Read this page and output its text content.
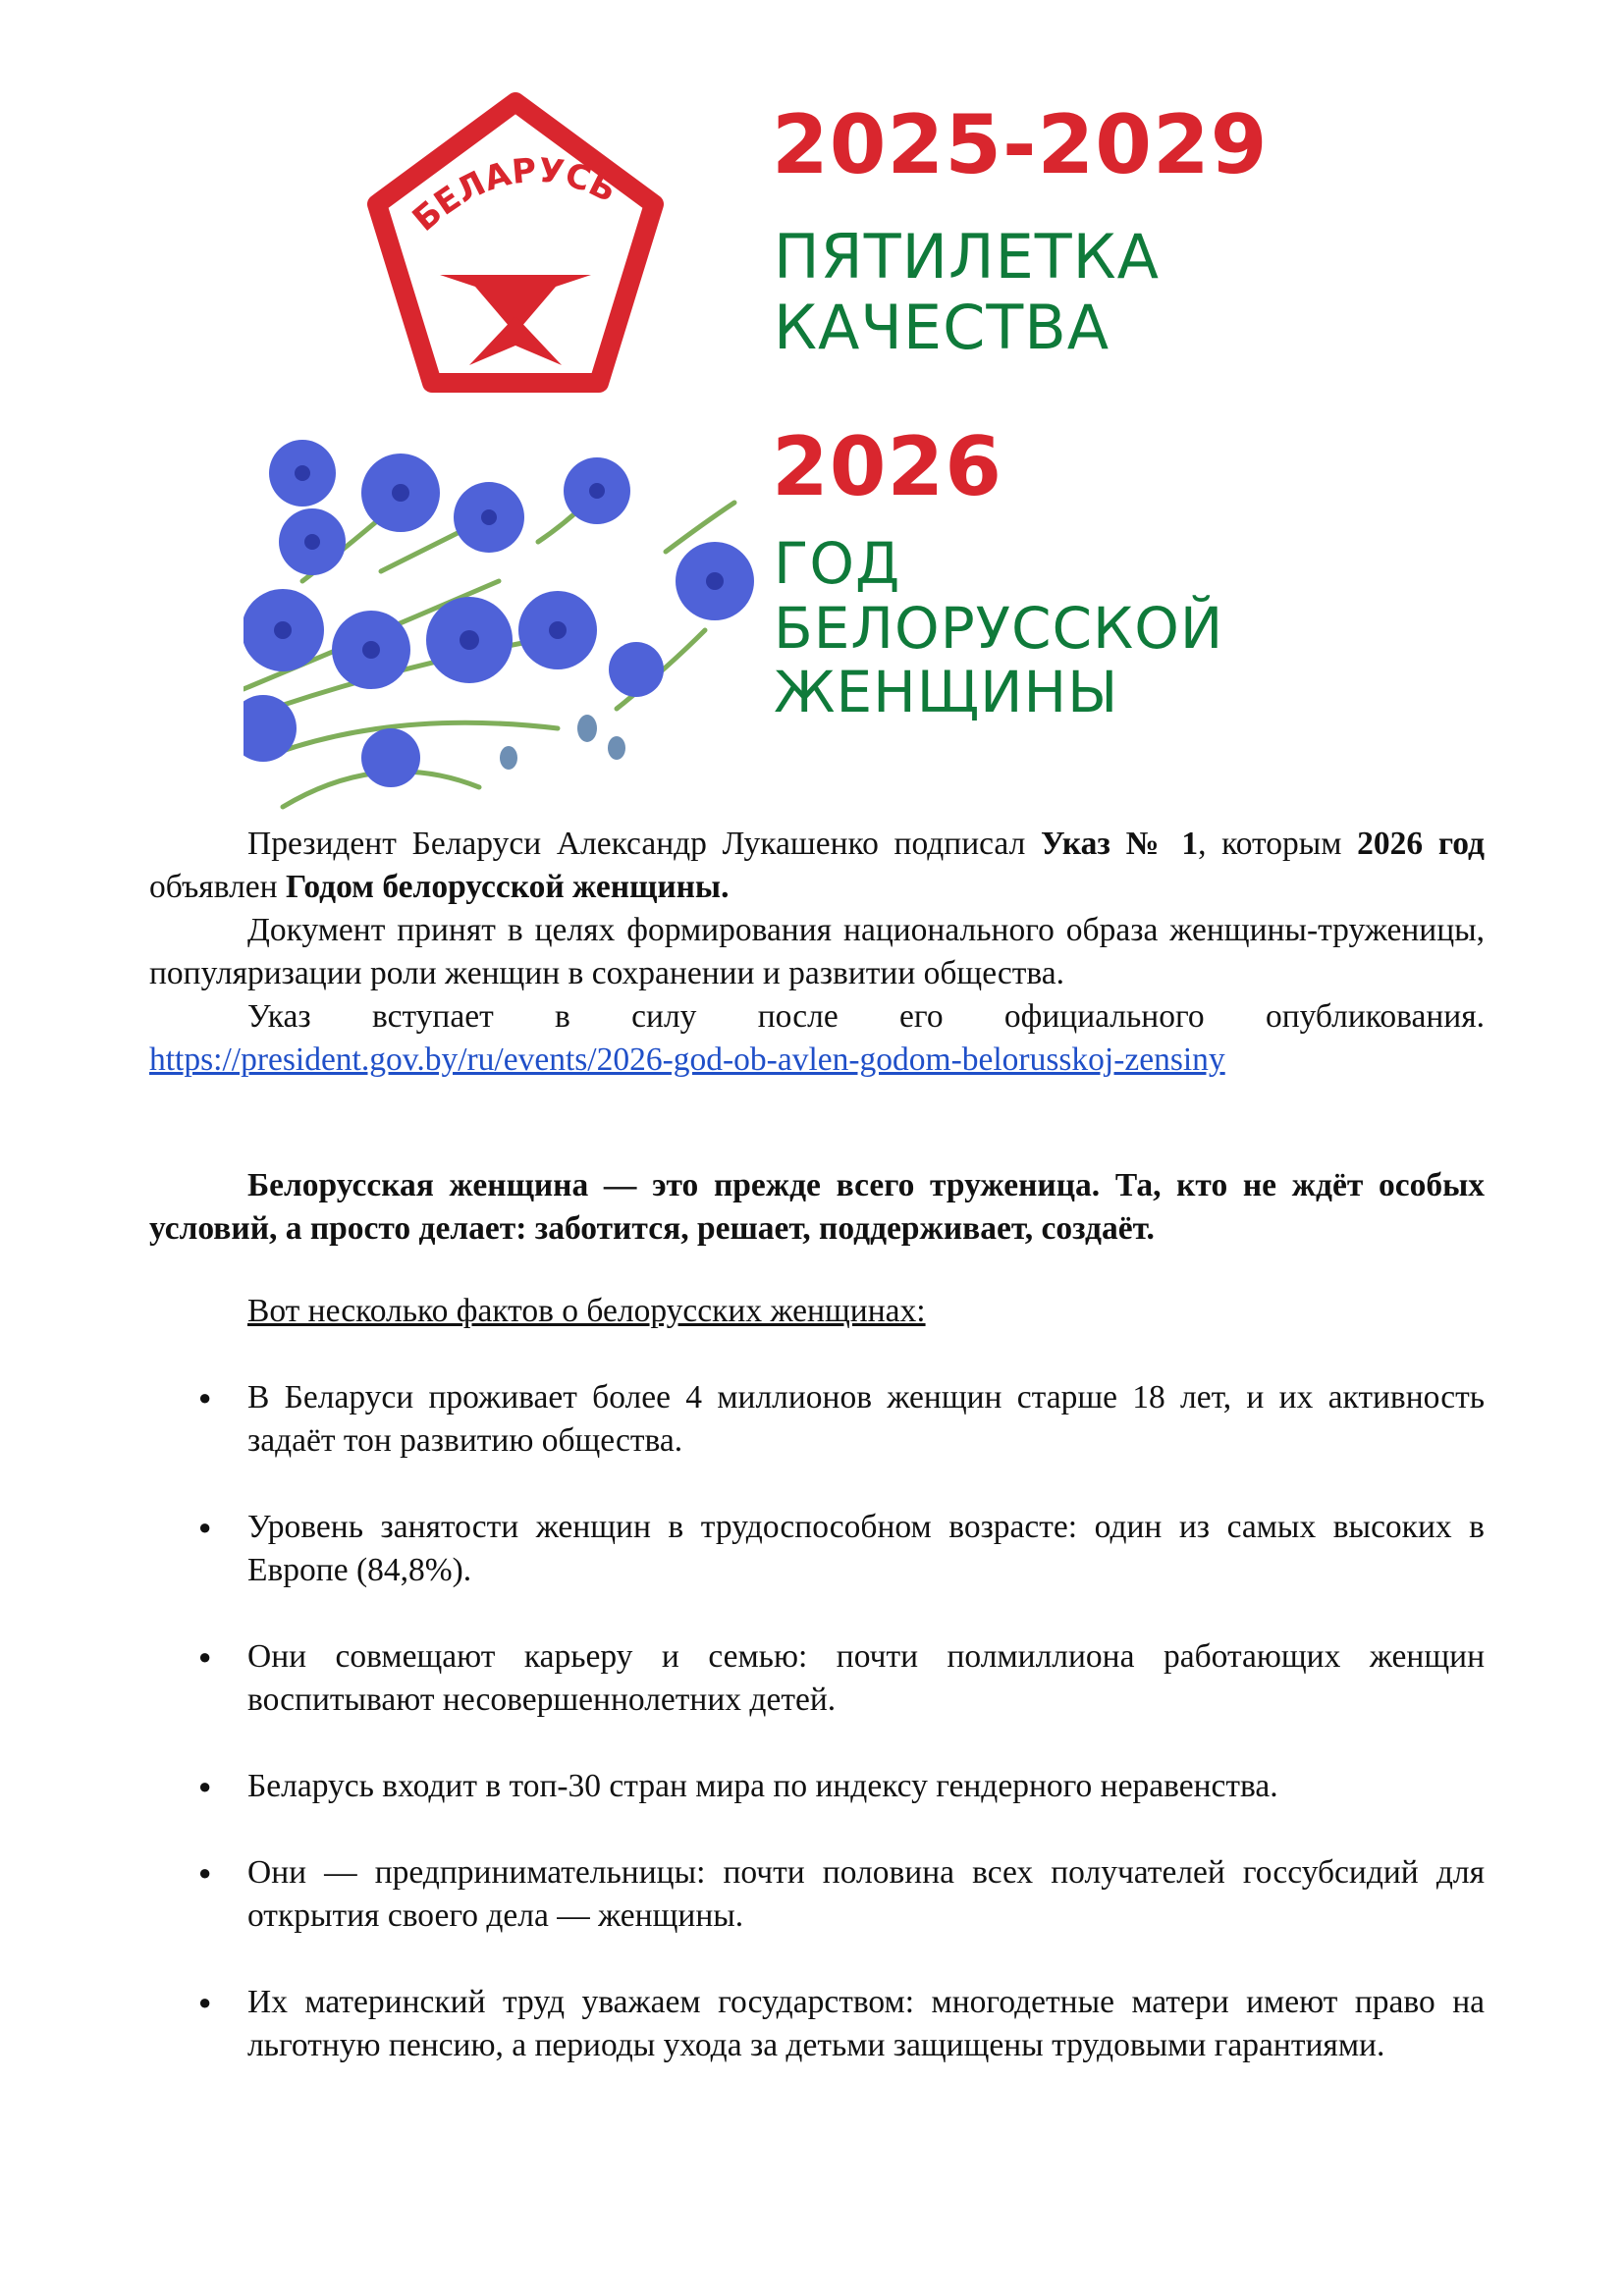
БЕЛАРУСЬ 2025-2029
ПЯТИЛЕТКА
КАЧЕСТВА
2026
ГОД
БЕЛОРУССКОЙ
ЖЕНЩИНЫ

Президент Беларуси Александр Лукашенко подписал Указ № 1, которым 2026 год объявлен Годом белорусской женщины.

Документ принят в целях формирования национального образа женщины-труженицы, популяризации роли женщин в сохранении и развитии общества.

Указ вступает в силу после его официального опубликования. https://president.gov.by/ru/events/2026-god-ob-avlen-godom-belorusskoj-zensiny

Белорусская женщина — это прежде всего труженица. Та, кто не ждёт особых условий, а просто делает: заботится, решает, поддерживает, создаёт.

Вот несколько фактов о белорусских женщинах:

● В Беларуси проживает более 4 миллионов женщин старше 18 лет, и их активность задаёт тон развитию общества.
● Уровень занятости женщин в трудоспособном возрасте: один из самых высоких в Европе (84,8%).
● Они совмещают карьеру и семью: почти полмиллиона работающих женщин воспитывают несовершеннолетних детей.
● Беларусь входит в топ-30 стран мира по индексу гендерного неравенства.
● Они — предпринимательницы: почти половина всех получателей госсубсидий для открытия своего дела — женщины.
● Их материнский труд уважаем государством: многодетные матери имеют право на льготную пенсию, а периоды ухода за детьми защищены трудовыми гарантиями.
